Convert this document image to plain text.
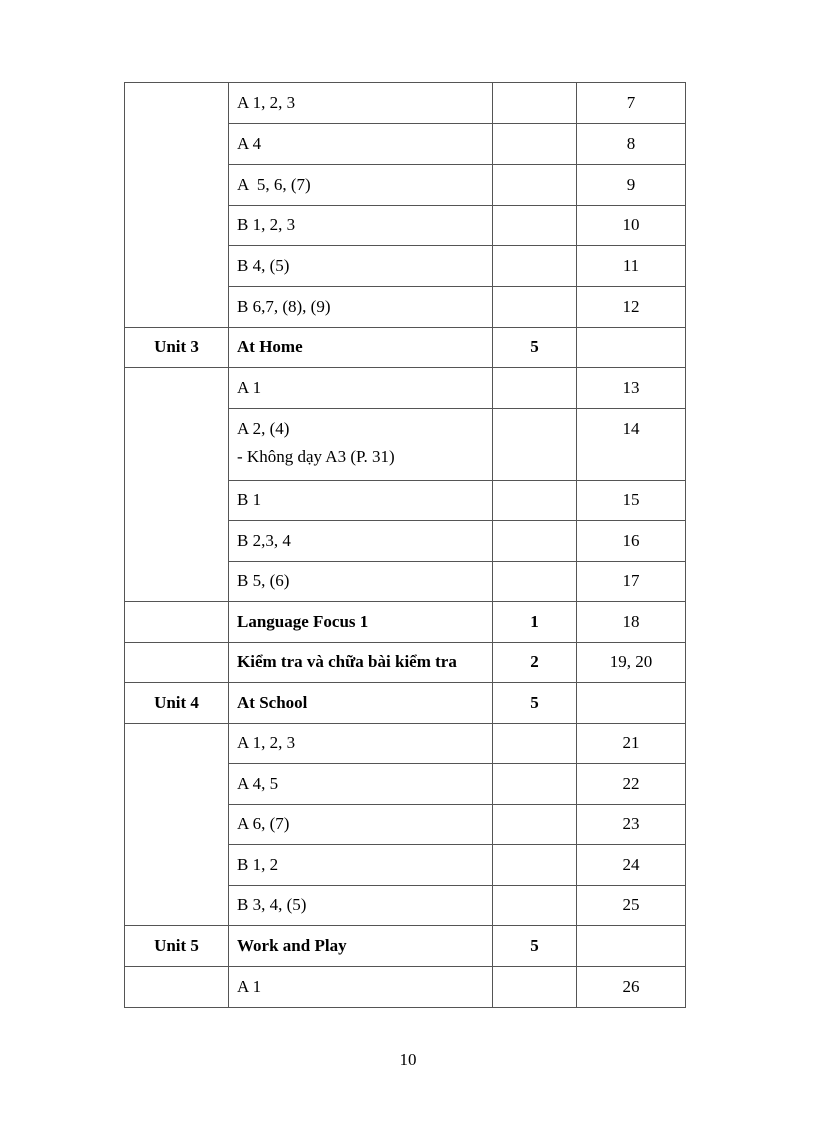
	A 1, 2, 3		7
	A 4		8
	A  5, 6, (7)		9
	B 1, 2, 3		10
	B 4, (5)		11
	B 6,7, (8), (9)		12
Unit 3	At Home	5	
	A 1		13
	A 2, (4)
- Không dạy A3 (P. 31)		14
	B 1		15
	B 2,3, 4		16
	B 5, (6)		17
	Language Focus 1	1	18
	Kiểm tra và chữa bài kiểm tra	2	19, 20
Unit 4	At School	5	
	A 1, 2, 3		21
	A 4, 5		22
	A 6, (7)		23
	B 1, 2		24
	B 3, 4, (5)		25
Unit 5	Work and Play	5	
	A 1		26
10
